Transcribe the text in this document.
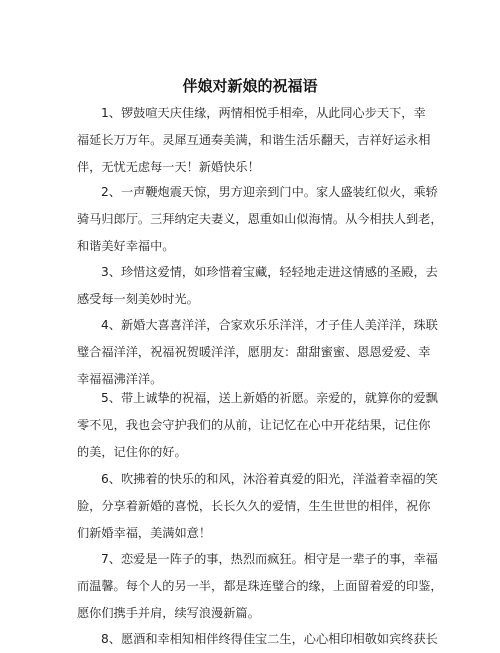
伴娘对新娘的祝福语

1、锣鼓喧天庆佳缘，两情相悦手相牵，从此同心步天下，幸
福延长万万年。灵犀互通奏美满，和谐生活乐翻天，吉祥好运永相
伴，无忧无虑每一天！新婚快乐！

2、一声鞭炮震天惊，男方迎亲到门中。家人盛装红似火，乘轿
骑马归郎厅。三拜纳定夫妻义，恩重如山似海情。从今相扶人到老，
和谐美好幸福中。

3、珍惜这爱情，如珍惜着宝藏，轻轻地走进这情感的圣殿，去
感受每一刻美妙时光。

4、新婚大喜喜洋洋，合家欢乐乐洋洋，才子佳人美洋洋，珠联
璧合福洋洋，祝福祝贺暖洋洋，愿朋友：甜甜蜜蜜、恩恩爱爱、幸
幸福福沸洋洋。

5、带上诚挚的祝福，送上新婚的祈愿。亲爱的，就算你的爱飘
零不见，我也会守护我们的从前，让记忆在心中开花结果，记住你
的美，记住你的好。

6、吹拂着的快乐的和风，沐浴着真爱的阳光，洋溢着幸福的笑
脸，分享着新婚的喜悦，长长久久的爱情，生生世世的相伴，祝你
们新婚幸福，美满如意！

7、恋爱是一阵子的事，热烈而疯狂。相守是一辈子的事，幸福
而温馨。每个人的另一半，都是珠连璧合的缘，上面留着爱的印鉴，
愿你们携手并肩，续写浪漫新篇。

8、愿酒和幸相知相伴终得佳宝二生，心心相印相敬如宾终获长
